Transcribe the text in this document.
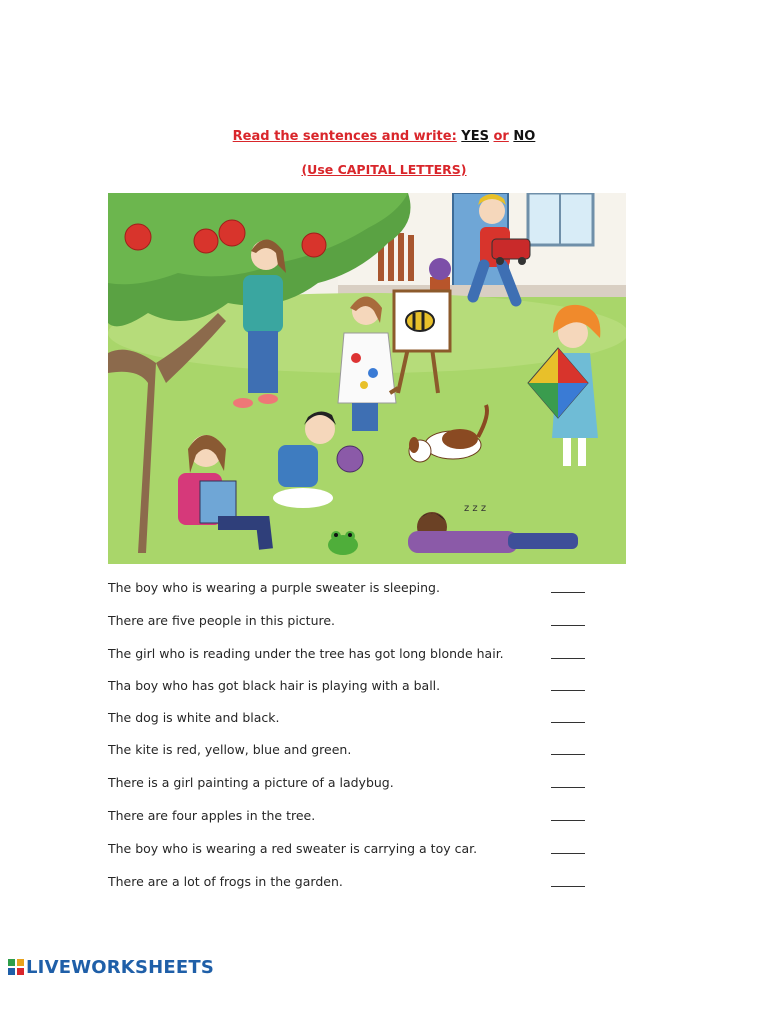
Read the sentences and write: YES or NO
(Use CAPITAL LETTERS)
z z z
The boy who is wearing a purple sweater is sleeping.
There are five people in this picture.
The girl who is reading under the tree has got long blonde hair.
Tha boy who has got black hair is playing with a ball.
The dog is white and black.
The kite is red, yellow, blue and green.
There is a girl painting a picture of a ladybug.
There are four apples in the tree.
The boy who is wearing a red sweater is carrying a toy car.
There are a lot of frogs in the garden.
LIVEWORKSHEETS
